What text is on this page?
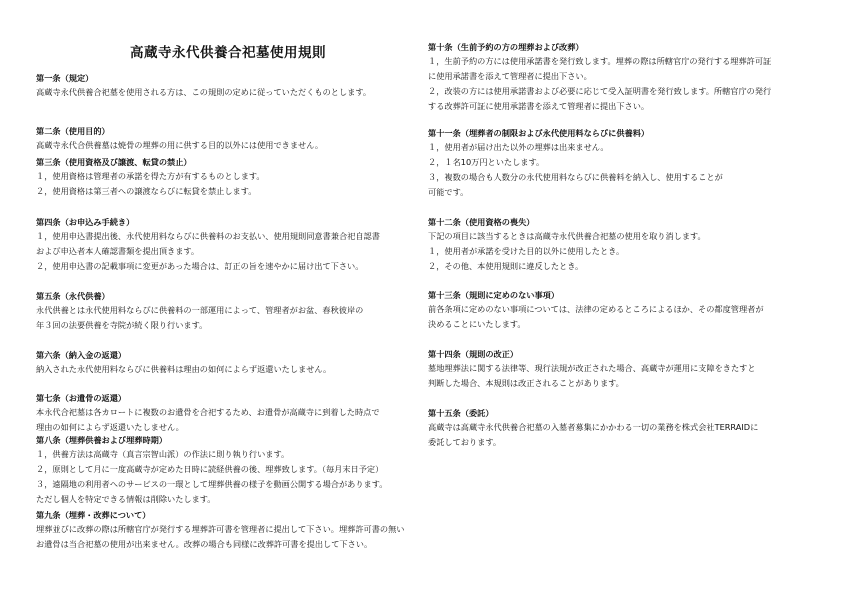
第一条（規定）
高蔵寺永代供養合祀墓を使用される方は、この規則の定めに従っていただくものとします。
第二条（使用目的）
高蔵寺永代合供養墓は焼骨の埋葬の用に供する目的以外には使用できません。
第三条（使用資格及び譲渡、転貸の禁止）
１，使用資格は管理者の承諾を得た方が有するものとします。
２，使用資格は第三者への譲渡ならびに転貸を禁止します。
第四条（お申込み手続き）
１，使用申込書提出後、永代使用料ならびに供養料のお支払い、使用規則同意書兼合祀自認書
および申込者本人確認書類を提出頂きます。
２，使用申込書の記載事項に変更があった場合は、訂正の旨を速やかに届け出て下さい。
第五条（永代供養）
永代供養とは永代使用料ならびに供養料の一部運用によって、管理者がお盆、春秋彼岸の
年３回の法要供養を寺院が続く限り行います。
第六条（納入金の返還）
納入された永代使用料ならびに供養料は理由の如何によらず返還いたしません。
第七条（お遺骨の返還）
本永代合祀墓は各カロートに複数のお遺骨を合祀するため、お遺骨が高蔵寺に到着した時点で
理由の如何によらず返還いたしません。
第八条（埋葬供養および埋葬時期）
１，供養方法は高蔵寺（真言宗智山派）の作法に則り執り行います。
２，原則として月に一度高蔵寺が定めた日時に読経供養の後、埋葬致します。（毎月末日予定）
３，遠隔地の利用者へのサービスの一環として埋葬供養の様子を動画公開する場合があります。
ただし個人を特定できる情報は削除いたします。
第九条（埋葬・改葬について）
埋葬並びに改葬の際は所轄官庁が発行する埋葬許可書を管理者に提出して下さい。埋葬許可書の無い
お遺骨は当合祀墓の使用が出来ません。改葬の場合も同様に改葬許可書を提出して下さい。
第十条（生前予約の方の埋葬および改葬）
１，生前予約の方には使用承諾書を発行致します。埋葬の際は所轄官庁の発行する埋葬許可証
に使用承諾書を添えて管理者に提出下さい。
２，改装の方には使用承諾書および必要に応じて受入証明書を発行致します。所轄官庁の発行
する改葬許可証に使用承諾書を添えて管理者に提出下さい。
第十一条（埋葬者の制限および永代使用料ならびに供養料）
１，使用者が届け出た以外の埋葬は出来ません。
２，１名10万円といたします。
３，複数の場合も人数分の永代使用料ならびに供養料を納入し、使用することが
可能です。
第十二条（使用資格の喪失）
下記の項目に該当するときは高蔵寺永代供養合祀墓の使用を取り消します。
１，使用者が承諾を受けた目的以外に使用したとき。
２，その他、本使用規則に違反したとき。
第十三条（規則に定めのない事項）
前各条項に定めのない事項については、法律の定めるところによるほか、その都度管理者が
決めることにいたします。
第十四条（規則の改正）
墓地埋葬法に関する法律等、現行法規が改正された場合、高蔵寺が運用に支障をきたすと
判断した場合、本規則は改正されることがあります。
第十五条（委託）
高蔵寺は高蔵寺永代供養合祀墓の入墓者募集にかかわる一切の業務を株式会社TERRAIDに
委託しております。
高蔵寺永代供養合祀墓使用規則
